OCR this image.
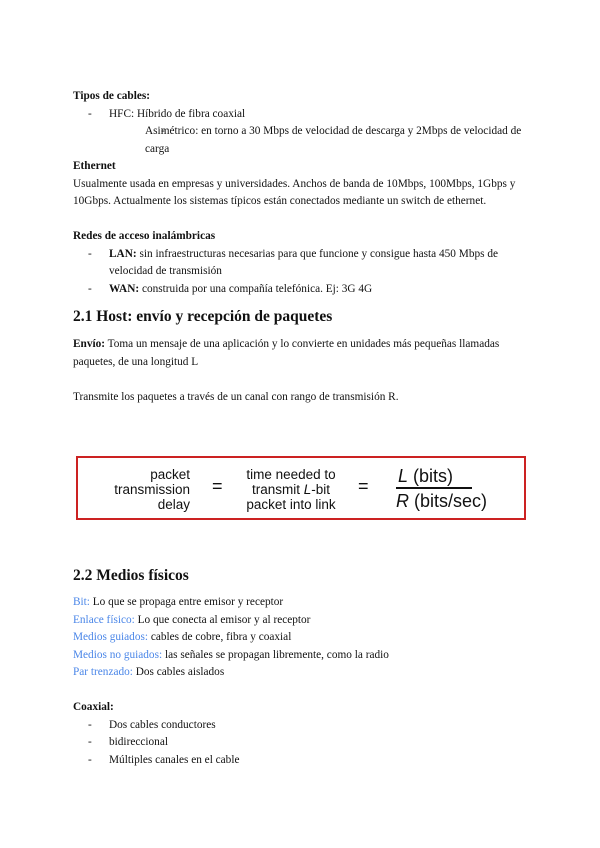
Tipos de cables:

- HFC: Híbrido de fibra coaxial
- Asimétrico: en torno a 30 Mbps de velocidad de descarga y 2Mbps de velocidad de carga

Ethernet

Usualmente usada en empresas y universidades. Anchos de banda de 10Mbps, 100Mbps, 1Gbps y 10Gbps. Actualmente los sistemas típicos están conectados mediante un switch de ethernet.

Redes de acceso inalámbricas

- LAN: sin infraestructuras necesarias para que funcione y consigue hasta 450 Mbps de velocidad de transmisión
- WAN: construida por una compañía telefónica. Ej: 3G 4G
2.1 Host: envío y recepción de paquetes

Envío: Toma un mensaje de una aplicación y lo convierte en unidades más pequeñas llamadas paquetes, de una longitud L

Transmite los paquetes a través de un canal con rango de transmisión R.

packet
transmission
delay
=
time needed to
transmit L-bit
packet into link
= L (bits)
R (bits/sec)
2.2 Medios físicos

Bit: Lo que se propaga entre emisor y receptor

Enlace físico: Lo que conecta al emisor y al receptor

Medios guiados: cables de cobre, fibra y coaxial

Medios no guiados: las señales se propagan libremente, como la radio

Par trenzado: Dos cables aislados

Coaxial:

- Dos cables conductores
- bidireccional
- Múltiples canales en el cable
